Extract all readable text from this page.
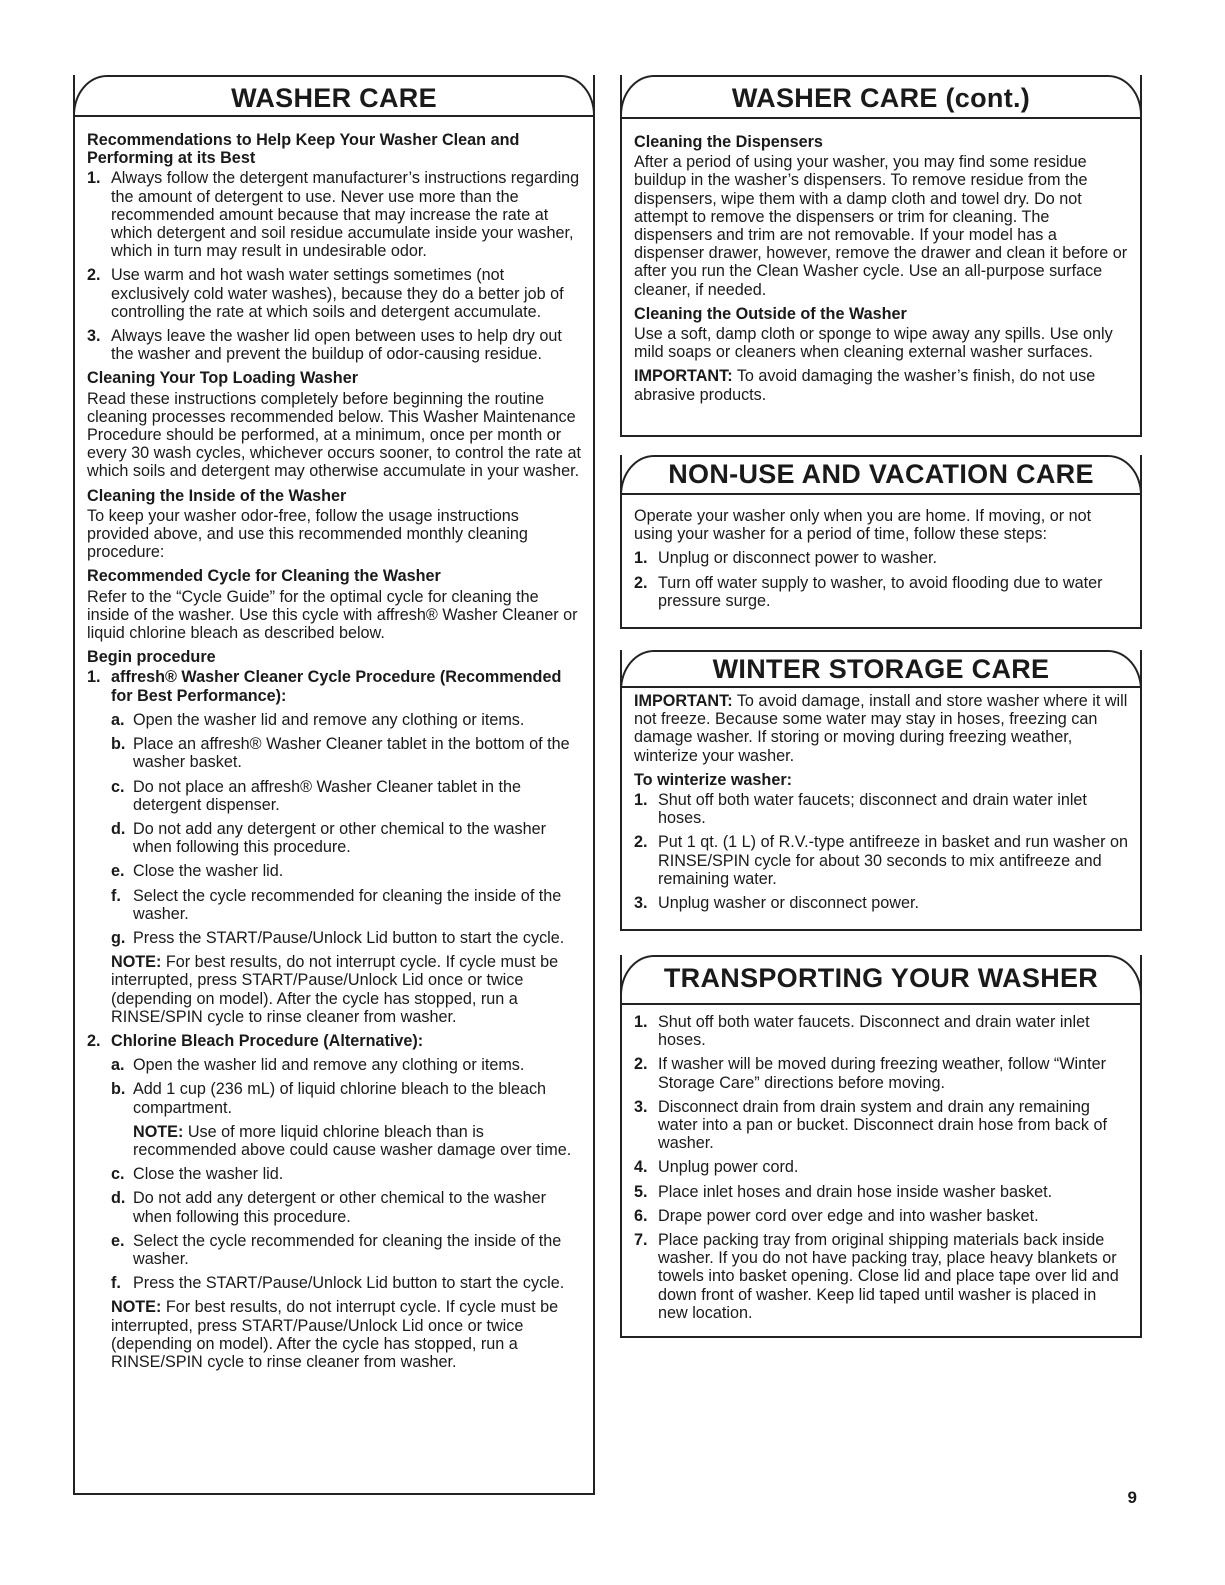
WASHER CARE
Recommendations to Help Keep Your Washer Clean and Performing at its Best
1. Always follow the detergent manufacturer’s instructions regarding the amount of detergent to use. Never use more than the recommended amount because that may increase the rate at which detergent and soil residue accumulate inside your washer, which in turn may result in undesirable odor.
2. Use warm and hot wash water settings sometimes (not exclusively cold water washes), because they do a better job of controlling the rate at which soils and detergent accumulate.
3. Always leave the washer lid open between uses to help dry out the washer and prevent the buildup of odor-causing residue.
Cleaning Your Top Loading Washer

Read these instructions completely before beginning the routine cleaning processes recommended below. This Washer Maintenance Procedure should be performed, at a minimum, once per month or every 30 wash cycles, whichever occurs sooner, to control the rate at which soils and detergent may otherwise accumulate in your washer.

Cleaning the Inside of the Washer

To keep your washer odor-free, follow the usage instructions provided above, and use this recommended monthly cleaning procedure:

Recommended Cycle for Cleaning the Washer

Refer to the “Cycle Guide” for the optimal cycle for cleaning the inside of the washer. Use this cycle with affresh® Washer Cleaner or liquid chlorine bleach as described below.

Begin procedure
1. affresh® Washer Cleaner Cycle Procedure (Recommended for Best Performance):
a. Open the washer lid and remove any clothing or items.
b. Place an affresh® Washer Cleaner tablet in the bottom of the washer basket.
c. Do not place an affresh® Washer Cleaner tablet in the detergent dispenser.
d. Do not add any detergent or other chemical to the washer when following this procedure.
e. Close the washer lid.
f. Select the cycle recommended for cleaning the inside of the washer.
g. Press the START/Pause/Unlock Lid button to start the cycle.

NOTE: For best results, do not interrupt cycle. If cycle must be interrupted, press START/Pause/Unlock Lid once or twice (depending on model). After the cycle has stopped, run a RINSE/SPIN cycle to rinse cleaner from washer.

2. Chlorine Bleach Procedure (Alternative):
a. Open the washer lid and remove any clothing or items.
b. Add 1 cup (236 mL) of liquid chlorine bleach to the bleach compartment.

NOTE: Use of more liquid chlorine bleach than is recommended above could cause washer damage over time.

c. Close the washer lid.
d. Do not add any detergent or other chemical to the washer when following this procedure.
e. Select the cycle recommended for cleaning the inside of the washer.
f. Press the START/Pause/Unlock Lid button to start the cycle.

NOTE: For best results, do not interrupt cycle. If cycle must be interrupted, press START/Pause/Unlock Lid once or twice (depending on model). After the cycle has stopped, run a RINSE/SPIN cycle to rinse cleaner from washer.

WASHER CARE (cont.)
Cleaning the Dispensers

After a period of using your washer, you may find some residue buildup in the washer’s dispensers. To remove residue from the dispensers, wipe them with a damp cloth and towel dry. Do not attempt to remove the dispensers or trim for cleaning. The dispensers and trim are not removable. If your model has a dispenser drawer, however, remove the drawer and clean it before or after you run the Clean Washer cycle. Use an all-purpose surface cleaner, if needed.

Cleaning the Outside of the Washer

Use a soft, damp cloth or sponge to wipe away any spills. Use only mild soaps or cleaners when cleaning external washer surfaces.

IMPORTANT: To avoid damaging the washer’s finish, do not use abrasive products.

NON-USE AND VACATION CARE

Operate your washer only when you are home. If moving, or not using your washer for a period of time, follow these steps:

1. Unplug or disconnect power to washer.
2. Turn off water supply to washer, to avoid flooding due to water pressure surge.
WINTER STORAGE CARE

IMPORTANT: To avoid damage, install and store washer where it will not freeze. Because some water may stay in hoses, freezing can damage washer. If storing or moving during freezing weather, winterize your washer.

To winterize washer:
1. Shut off both water faucets; disconnect and drain water inlet hoses.
2. Put 1 qt. (1 L) of R.V.-type antifreeze in basket and run washer on RINSE/SPIN cycle for about 30 seconds to mix antifreeze and remaining water.
3. Unplug washer or disconnect power.
TRANSPORTING YOUR WASHER
1. Shut off both water faucets. Disconnect and drain water inlet hoses.
2. If washer will be moved during freezing weather, follow “Winter Storage Care” directions before moving.
3. Disconnect drain from drain system and drain any remaining water into a pan or bucket. Disconnect drain hose from back of washer.
4. Unplug power cord.
5. Place inlet hoses and drain hose inside washer basket.
6. Drape power cord over edge and into washer basket.
7. Place packing tray from original shipping materials back inside washer. If you do not have packing tray, place heavy blankets or towels into basket opening. Close lid and place tape over lid and down front of washer. Keep lid taped until washer is placed in new location.
9
